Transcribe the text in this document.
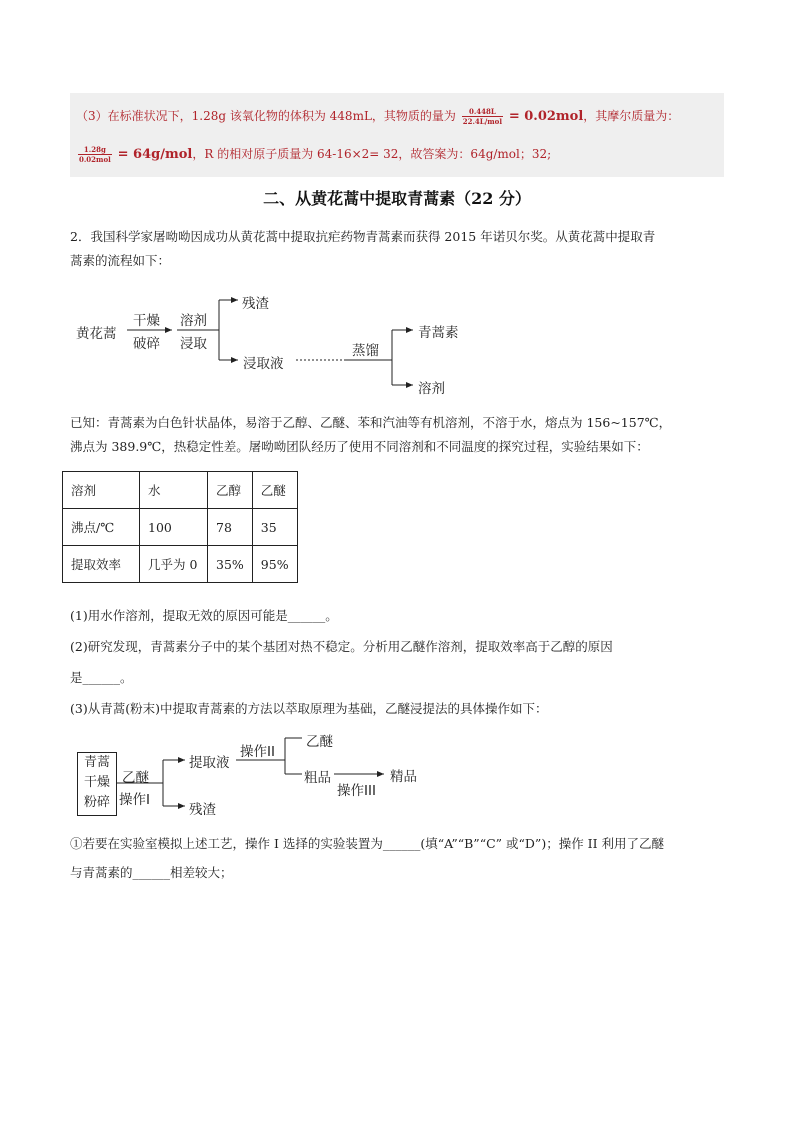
（3）在标准状况下，1.28g 该氧化物的体积为 448mL，其物质的量为 $\frac{0.448L}{\text{22.4L/mol}} = 0.02mol$，其摩尔质量为：
$\frac{1.28g}{\text{0.02mol}} = 64g/mol$，R 的相对原子质量为 64-16×2= 32，故答案为：64g/mol；32;
二、从黄花蒿中提取青蒿素（22 分）
2．我国科学家屠呦呦因成功从黄花蒿中提取抗疟药物青蒿素而获得 2015 年诺贝尔奖。从黄花蒿中提取青
蒿素的流程如下：
黄花蒿
干燥
破碎
溶剂
浸取
残渣
浸取液
蒸馏
青蒿素
溶剂
已知：青蒿素为白色针状晶体，易溶于乙醇、乙醚、苯和汽油等有机溶剂，不溶于水，熔点为 156~157℃，
沸点为 389.9℃，热稳定性差。屠呦呦团队经历了使用不同溶剂和不同温度的探究过程，实验结果如下：
溶剂	水	乙醇	乙醚
沸点/℃	100	78	35
提取效率	几乎为 0	35%	95%
(1)用水作溶剂，提取无效的原因可能是______。
(2)研究发现，青蒿素分子中的某个基团对热不稳定。分析用乙醚作溶剂，提取效率高于乙醇的原因
是______。
(3)从青蒿(粉末)中提取青蒿素的方法以萃取原理为基础，乙醚浸提法的具体操作如下：
青蒿
干燥
粉碎
乙醚
操作I
提取液
残渣
操作II
乙醚
粗品
操作III
精品
①若要在实验室模拟上述工艺，操作 I 选择的实验装置为______(填“A”“B”“C” 或“D”)；操作 II 利用了乙醚
与青蒿素的______相差较大；
